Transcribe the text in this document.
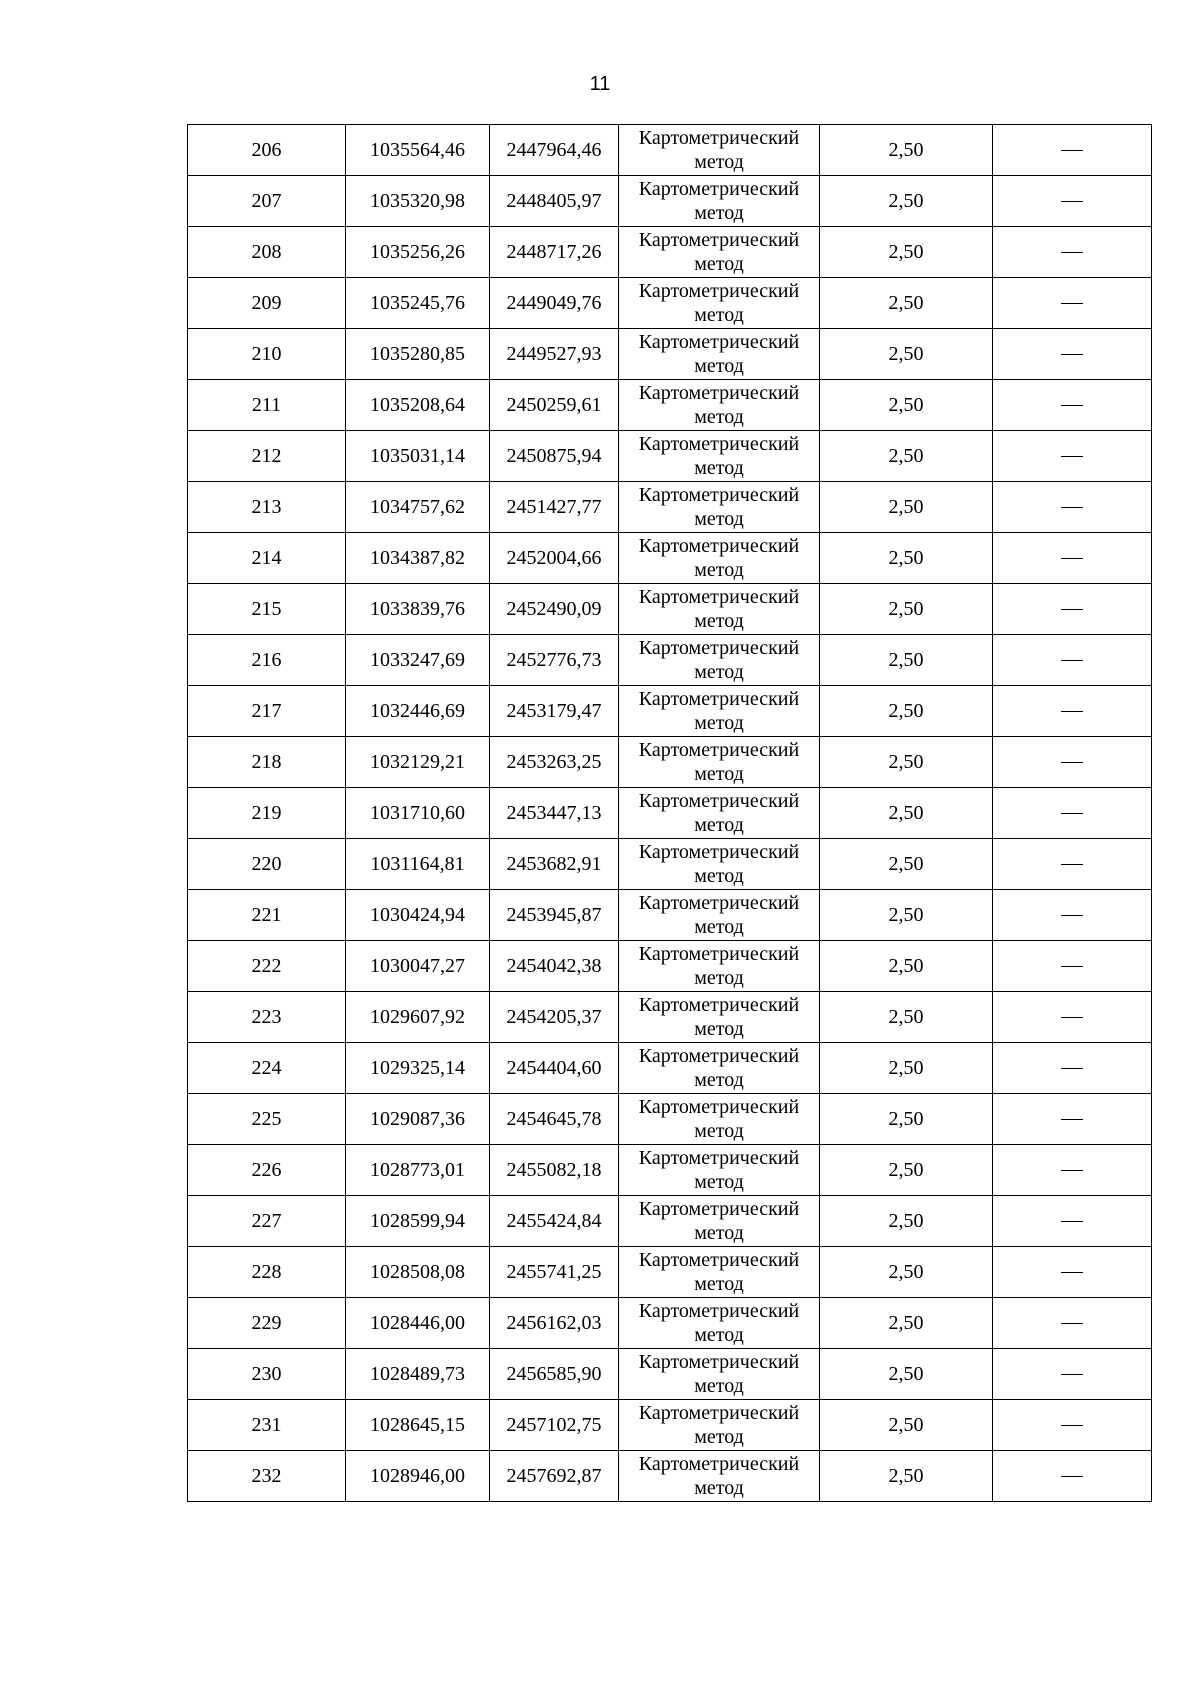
11
206	1035564,46	2447964,46	Картометрический метод	2,50	
207	1035320,98	2448405,97	Картометрический метод	2,50	
208	1035256,26	2448717,26	Картометрический метод	2,50	
209	1035245,76	2449049,76	Картометрический метод	2,50	
210	1035280,85	2449527,93	Картометрический метод	2,50	
211	1035208,64	2450259,61	Картометрический метод	2,50	
212	1035031,14	2450875,94	Картометрический метод	2,50	
213	1034757,62	2451427,77	Картометрический метод	2,50	
214	1034387,82	2452004,66	Картометрический метод	2,50	
215	1033839,76	2452490,09	Картометрический метод	2,50	
216	1033247,69	2452776,73	Картометрический метод	2,50	
217	1032446,69	2453179,47	Картометрический метод	2,50	
218	1032129,21	2453263,25	Картометрический метод	2,50	
219	1031710,60	2453447,13	Картометрический метод	2,50	
220	1031164,81	2453682,91	Картометрический метод	2,50	
221	1030424,94	2453945,87	Картометрический метод	2,50	
222	1030047,27	2454042,38	Картометрический метод	2,50	
223	1029607,92	2454205,37	Картометрический метод	2,50	
224	1029325,14	2454404,60	Картометрический метод	2,50	
225	1029087,36	2454645,78	Картометрический метод	2,50	
226	1028773,01	2455082,18	Картометрический метод	2,50	
227	1028599,94	2455424,84	Картометрический метод	2,50	
228	1028508,08	2455741,25	Картометрический метод	2,50	
229	1028446,00	2456162,03	Картометрический метод	2,50	
230	1028489,73	2456585,90	Картометрический метод	2,50	
231	1028645,15	2457102,75	Картометрический метод	2,50	
232	1028946,00	2457692,87	Картометрический метод	2,50	
